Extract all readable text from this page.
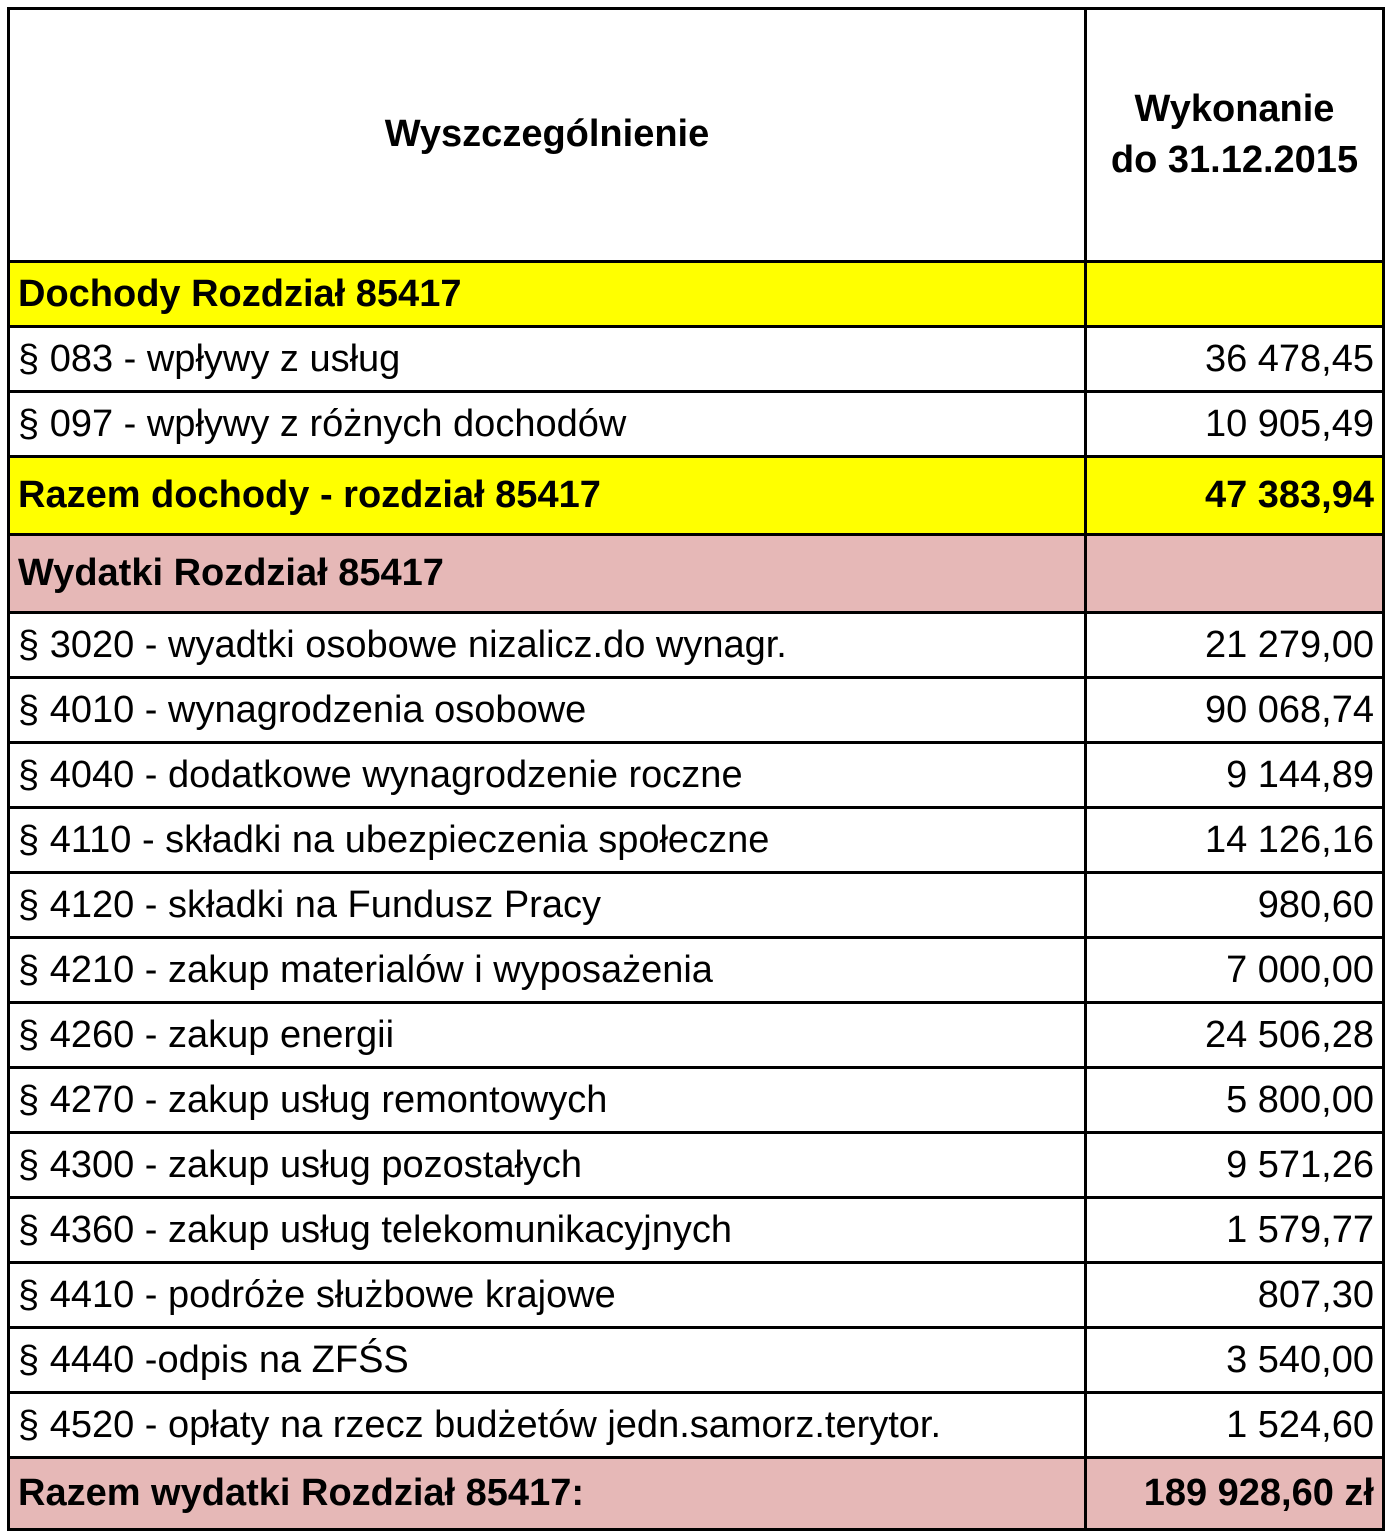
Wyszczególnienie	Wykonanie
do 31.12.2015

Dochody Rozdział 85417	
§ 083 - wpływy z usług	36 478,45
§ 097 - wpływy z różnych dochodów	10 905,49
Razem dochody - rozdział 85417	47 383,94
Wydatki Rozdział 85417	
§ 3020 - wyadtki osobowe nizalicz.do wynagr.	21 279,00
§ 4010 - wynagrodzenia osobowe	90 068,74
§ 4040 - dodatkowe wynagrodzenie roczne	9 144,89
§ 4110 - składki na ubezpieczenia społeczne	14 126,16
§ 4120 - składki na Fundusz Pracy	980,60
§ 4210 - zakup materialów i wyposażenia	7 000,00
§ 4260 - zakup energii	24 506,28
§ 4270 - zakup usług remontowych	5 800,00
§ 4300 - zakup usług pozostałych	9 571,26
§ 4360 - zakup usług telekomunikacyjnych	1 579,77
§ 4410 - podróże służbowe krajowe	807,30
§ 4440 -odpis na ZFŚS	3 540,00
§ 4520 - opłaty na rzecz budżetów jedn.samorz.terytor.	1 524,60
Razem wydatki Rozdział 85417:	189 928,60 zł
